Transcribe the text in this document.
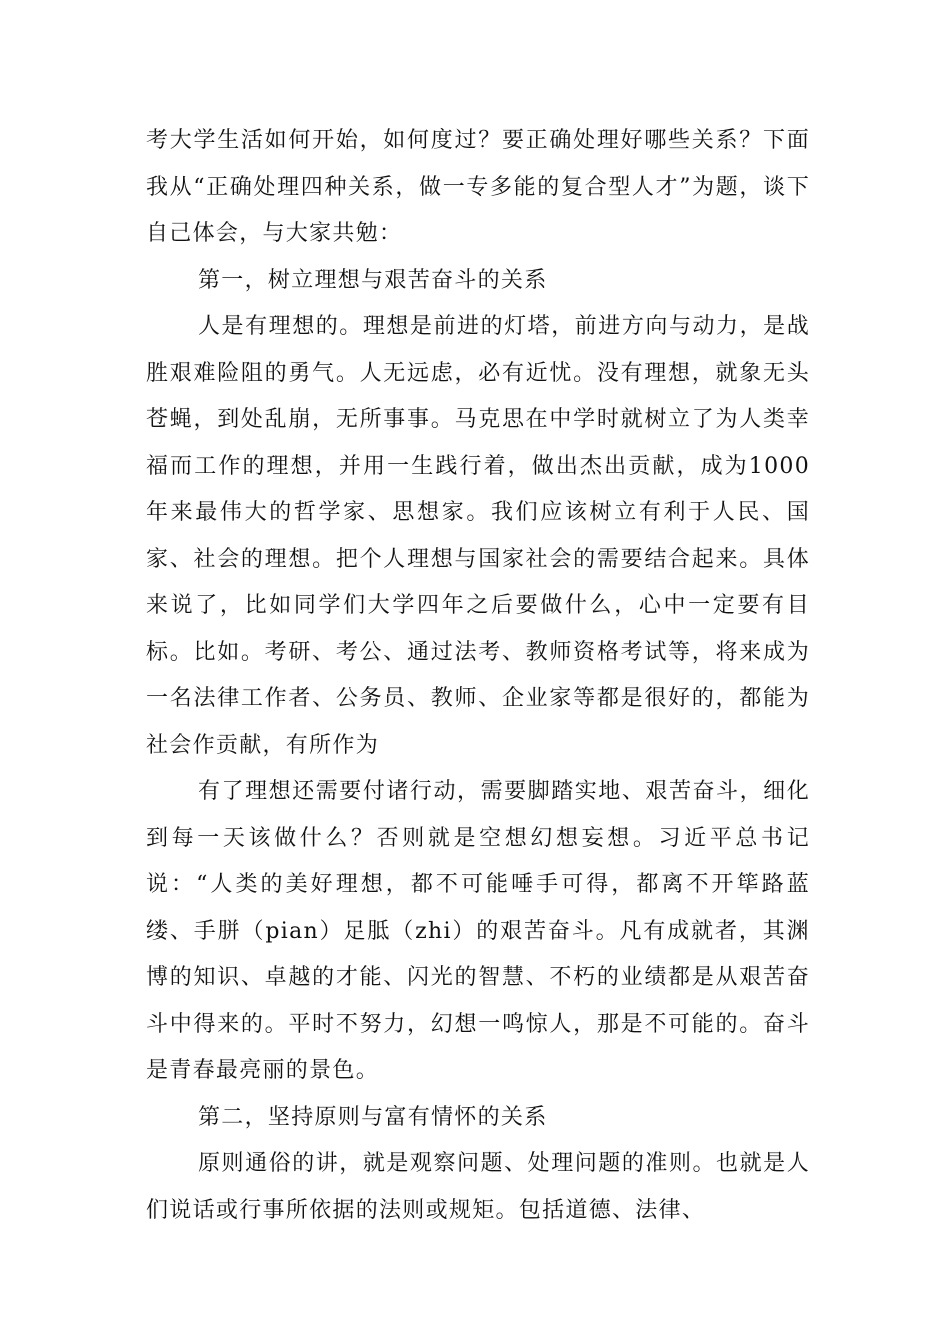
考大学生活如何开始，如何度过？要正确处理好哪些关系？下面我从“正确处理四种关系，做一专多能的复合型人才”为题，谈下自己体会，与大家共勉：

第一，树立理想与艰苦奋斗的关系

人是有理想的。理想是前进的灯塔，前进方向与动力，是战胜艰难险阻的勇气。人无远虑，必有近忧。没有理想，就象无头苍蝇，到处乱崩，无所事事。马克思在中学时就树立了为人类幸福而工作的理想，并用一生践行着，做出杰出贡献，成为1000年来最伟大的哲学家、思想家。我们应该树立有利于人民、国家、社会的理想。把个人理想与国家社会的需要结合起来。具体来说了，比如同学们大学四年之后要做什么，心中一定要有目标。比如。考研、考公、通过法考、教师资格考试等，将来成为一名法律工作者、公务员、教师、企业家等都是很好的，都能为社会作贡献，有所作为

有了理想还需要付诸行动，需要脚踏实地、艰苦奋斗，细化到每一天该做什么？否则就是空想幻想妄想。习近平总书记说：“人类的美好理想，都不可能唾手可得，都离不开筚路蓝缕、手胼（pian）足胝（zhi）的艰苦奋斗。凡有成就者，其渊博的知识、卓越的才能、闪光的智慧、不朽的业绩都是从艰苦奋斗中得来的。平时不努力，幻想一鸣惊人，那是不可能的。奋斗是青春最亮丽的景色。

第二，坚持原则与富有情怀的关系

原则通俗的讲，就是观察问题、处理问题的准则。也就是人们说话或行事所依据的法则或规矩。包括道德、法律、
